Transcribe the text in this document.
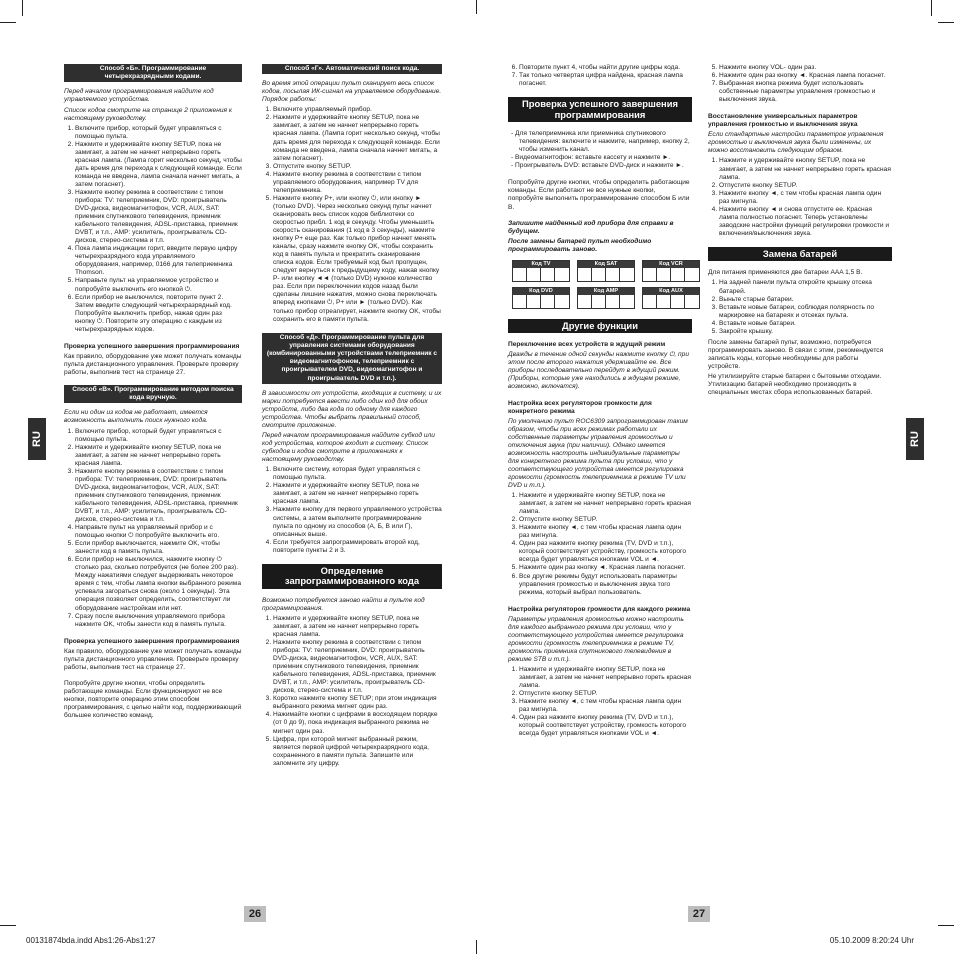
RU	RU
Способ «Б». Программирование четырехразрядными кодами.

Перед началом программирования найдите код управляемого устройства.

Список кодов смотрите на странице 2 приложения к настоящему руководству.

1. Включите прибор, который будет управляться с помощью пульта.
2. Нажмите и удерживайте кнопку SETUP, пока не замигает, а затем не начнет непрерывно гореть красная лампа. (Лампа горит несколько секунд, чтобы дать время для перехода к следующей команде. Если команда не введена, лампа сначала начнет мигать, а затем погаснет).
3. Нажмите кнопку режима в соответствии с типом прибора: TV: телеприемник, DVD: проигрыватель DVD-диска, видеомагнитофон, VCR, AUX, SAT: приемник спутникового телевидения, приемник кабельного телевидения, ADSL-приставка, приемник DVBT, и т.п., AMP: усилитель, проигрыватель CD-дисков, стерео-система и т.п.
4. Пока лампа индикации горит, введите первую цифру четырехразрядного кода управляемого оборудования, например, 0166 для телеприемника Thomson.
5. Направьте пульт на управляемое устройство и попробуйте выключить его кнопкой ⏻.
6. Если прибор не выключился, повторите пункт 2. Затем введите следующий четырехразрядный код. Попробуйте выключить прибор, нажав один раз кнопку ⏻. Повторите эту операцию с каждым из четырехразрядных кодов.

Проверка успешного завершения программирования

Как правило, оборудование уже может получать команды пульта дистанционного управления. Проверьте проверку работы, выполнив тест на странице 27.

Способ «В». Программирование методом поиска кода вручную.

Если ни один из кодов не работает, имеется возможность выполнить поиск нужного кода.

1. Включите прибор, который будет управляться с помощью пульта.
2. Нажмите и удерживайте кнопку SETUP, пока не замигает, а затем не начнет непрерывно гореть красная лампа.
3. Нажмите кнопку режима в соответствии с типом прибора: TV: телеприемник, DVD: проигрыватель DVD-диска, видеомагнитофон, VCR, AUX, SAT: приемник спутникового телевидения, приемник кабельного телевидения, ADSL-приставка, приемник DVBT, и т.п., AMP: усилитель, проигрыватель CD-дисков, стерео-система и т.п.
4. Направьте пульт на управляемый прибор и с помощью кнопки ⏻ попробуйте выключить его.
5. Если прибор выключается, нажмите OK, чтобы занести код в память пульта.
6. Если прибор не выключился, нажмите кнопку ⏻ столько раз, сколько потребуется (не более 200 раз). Между нажатиями следует выдерживать некоторое время с тем, чтобы лампа кнопки выбранного режима успевала загораться снова (около 1 секунды). Эта операция позволяет определить, соответствует ли оборудование настройкам или нет.
7. Сразу после выключения управляемого прибора нажмите OK, чтобы занести код в память пульта.

Проверка успешного завершения программирования

Как правило, оборудование уже может получать команды пульта дистанционного управления. Проверьте проверку работы, выполнив тест на странице 27.

Попробуйте другие кнопки, чтобы определить работающие команды. Если функционируют не все кнопки, повторите операцию этим способом программирования, с целью найти код, поддерживающий большее количество команд.

Способ «Г». Автоматический поиск кода.

Во время этой операции пульт сканирует весь список кодов, посылая ИК-сигнал на управляемое оборудование. Порядок работы:

1. Включите управляемый прибор.
2. Нажмите и удерживайте кнопку SETUP, пока не замигает, а затем не начнет непрерывно гореть красная лампа. (Лампа горит несколько секунд, чтобы дать время для перехода к следующей команде. Если команда не введена, лампа сначала начнет мигать, а затем погаснет).
3. Отпустите кнопку SETUP.
4. Нажмите кнопку режима в соответствии с типом управляемого оборудования, например TV для телеприемника.
5. Нажмите кнопку P+, или кнопку ⏻, или кнопку ► (только DVD). Через несколько секунд пульт начнет сканировать весь список кодов библиотеки со скоростью прибл. 1 код в секунду. Чтобы уменьшить скорость сканирования (1 код в 3 секунды), нажмите кнопку P+ еще раз. Как только прибор начнет менять каналы, сразу нажмите кнопку OK, чтобы сохранить код в память пульта и прекратить сканирование списка кодов. Если требуемый код был пропущен, следует вернуться к предыдущему коду, нажав кнопку P- или кнопку ◄◄ (только DVD) нужное количество раз. Если при переключении кодов назад были сделаны лишние нажатия, можно снова переключать вперед кнопками ⏻, P+ или ► (только DVD). Как только прибор отреагирует, нажмите кнопку OK, чтобы сохранить его в памяти пульта.
Способ «Д». Программирование пульта для управления системами оборудования (комбинированными устройствами телеприемник с видеомагнитофоном, телеприемник с проигрывателем DVD, видеомагнитофон и проигрыватель DVD и т.п.).

В зависимости от устройств, входящих в систему, и их марки потребуется ввести либо один код для обоих устройств, либо два кода по одному для каждого устройства. Чтобы выбрать правильный способ, смотрите приложение.

Перед началом программирования найдите субкод или код устройства, которое входит в систему. Список субкодов и кодов смотрите в приложениях к настоящему руководству.

1. Включите систему, которая будет управляться с помощью пульта.
2. Нажмите и удерживайте кнопку SETUP, пока не замигает, а затем не начнет непрерывно гореть красная лампа.
3. Нажмите кнопку для первого управляемого устройства системы, а затем выполните программирование пульта по одному из способов (А, Б, В или Г), описанных выше.
4. Если требуется запрограммировать второй код, повторите пункты 2 и 3.
Определение запрограммированного кода

Возможно потребуется заново найти в пульте код программирования.

1. Нажмите и удерживайте кнопку SETUP, пока не замигает, а затем не начнет непрерывно гореть красная лампа.
2. Нажмите кнопку режима в соответствии с типом прибора: TV: телеприемник, DVD: проигрыватель DVD-диска, видеомагнитофон, VCR, AUX, SAT: приемник спутникового телевидения, приемник кабельного телевидения, ADSL-приставка, приемник DVBT, и т.п., AMP: усилитель, проигрыватель CD-дисков, стерео-система и т.п.
3. Коротко нажмите кнопку SETUP; при этом индикация выбранного режима мигнет один раз.
4. Нажимайте кнопки с цифрами в восходящем порядке (от 0 до 9), пока индикация выбранного режима не мигнет один раз.
5. Цифра, при которой мигнет выбранный режим, является первой цифрой четырехразрядного кода, сохраненного в памяти пульта. Запишите или запомните эту цифру.
6. Повторите пункт 4, чтобы найти другие цифры кода.
7. Так только четвертая цифра найдена, красная лампа погаснет.
Проверка успешного завершения программирования
- Для телеприемника или приемника спутникового телевидения: включите и нажмите, например, кнопку 2, чтобы изменить канал.
- Видеомагнитофон: вставьте кассету и нажмите ►.
- Проигрыватель DVD: вставьте DVD-диск и нажмите ►.

Попробуйте другие кнопки, чтобы определить работающие команды. Если работают не все нужные кнопки, попробуйте выполнить программирование способом Б или В.

Запишите найденный код прибора для справки в будущем.

После замены батарей пульт необходимо программировать заново.

Код TV	Код SAT	Код VCR
Код DVD	Код AMP	Код AUX
Другие функции

Переключение всех устройств в ждущий режим

Дважды в течение одной секунды нажмите кнопку ⏻, при этом после второго нажатия удерживайте ее. Все приборы последовательно перейдут в ждущий режим. (Приборы, которые уже находились в ждущем режиме, возможно, включатся).

Настройка всех регуляторов громкости для конкретного режима

По умолчанию пульт ROC6309 запрограммирован таким образом, чтобы при всех режимах работали их собственные параметры управления громкостью и отключения звука (при наличии). Однако имеется возможность настроить индивидуальные параметры для конкретного режима пульта при условии, что у соответствующего устройства имеется регулировка громкости (громкость телеприемника в режиме TV или DVD и т.п.).

1. Нажмите и удерживайте кнопку SETUP, пока не замигает, а затем не начнет непрерывно гореть красная лампа.
2. Отпустите кнопку SETUP.
3. Нажмите кнопку ◄, с тем чтобы красная лампа один раз мигнула.
4. Один раз нажмите кнопку режима (TV, DVD и т.п.), который соответствует устройству, громкость которого всегда будет управляться кнопками VOL и ◄.
5. Нажмите один раз кнопку ◄. Красная лампа погаснет.
6. Все другие режимы будут использовать параметры управления громкостью и выключения звука того режима, который выбрал пользователь.

Настройка регуляторов громкости для каждого режима

Параметры управления громкостью можно настроить для каждого выбранного режима при условии, что у соответствующего устройства имеется регулировка громкости (громкость телеприемника в режиме TV, громкость приемника спутникового телевидения в режиме STB и т.п.).

1. Нажмите и удерживайте кнопку SETUP, пока не замигает, а затем не начнет непрерывно гореть красная лампа.
2. Отпустите кнопку SETUP.
3. Нажмите кнопку ◄, с тем чтобы красная лампа один раз мигнула.
4. Один раз нажмите кнопку режима (TV, DVD и т.п.), который соответствует устройству, громкость которого всегда будет управляться кнопками VOL и ◄.
5. Нажмите кнопку VOL- один раз.
6. Нажмите один раз кнопку ◄. Красная лампа погаснет.
7. Выбранная кнопка режима будет использовать собственные параметры управления громкостью и выключения звука.

Восстановление универсальных параметров управления громкостью и выключения звука

Если стандартные настройки параметров управления громкостью и выключения звука были изменены, их можно восстановить следующим образом.

1. Нажмите и удерживайте кнопку SETUP, пока не замигает, а затем не начнет непрерывно гореть красная лампа.
2. Отпустите кнопку SETUP.
3. Нажмите кнопку ◄, с тем чтобы красная лампа один раз мигнула.
4. Нажмите кнопку ◄ и снова отпустите ее. Красная лампа полностью погаснет. Теперь установлены заводские настройки функций регулировки громкости и включения/выключения звука.
Замена батарей

Для питания применяются две батареи AAA 1,5 В.

1. На задней панели пульта откройте крышку отсека батарей.
2. Выньте старые батареи.
3. Вставьте новые батареи, соблюдая полярность по маркировке на батареях и отсеках пульта.
4. Вставьте новые батареи.
5. Закройте крышку.

После замены батарей пульт, возможно, потребуется программировать заново. В связи с этим, рекомендуется записать коды, которые необходимы для работы устройств.

Не утилизируйте старые батареи с бытовыми отходами. Утилизацию батарей необходимо производить в специальных местах сбора использованных батарей.

26	27
00131874bda.indd Abs1:26-Abs1:27	05.10.2009 8:20:24 Uhr
